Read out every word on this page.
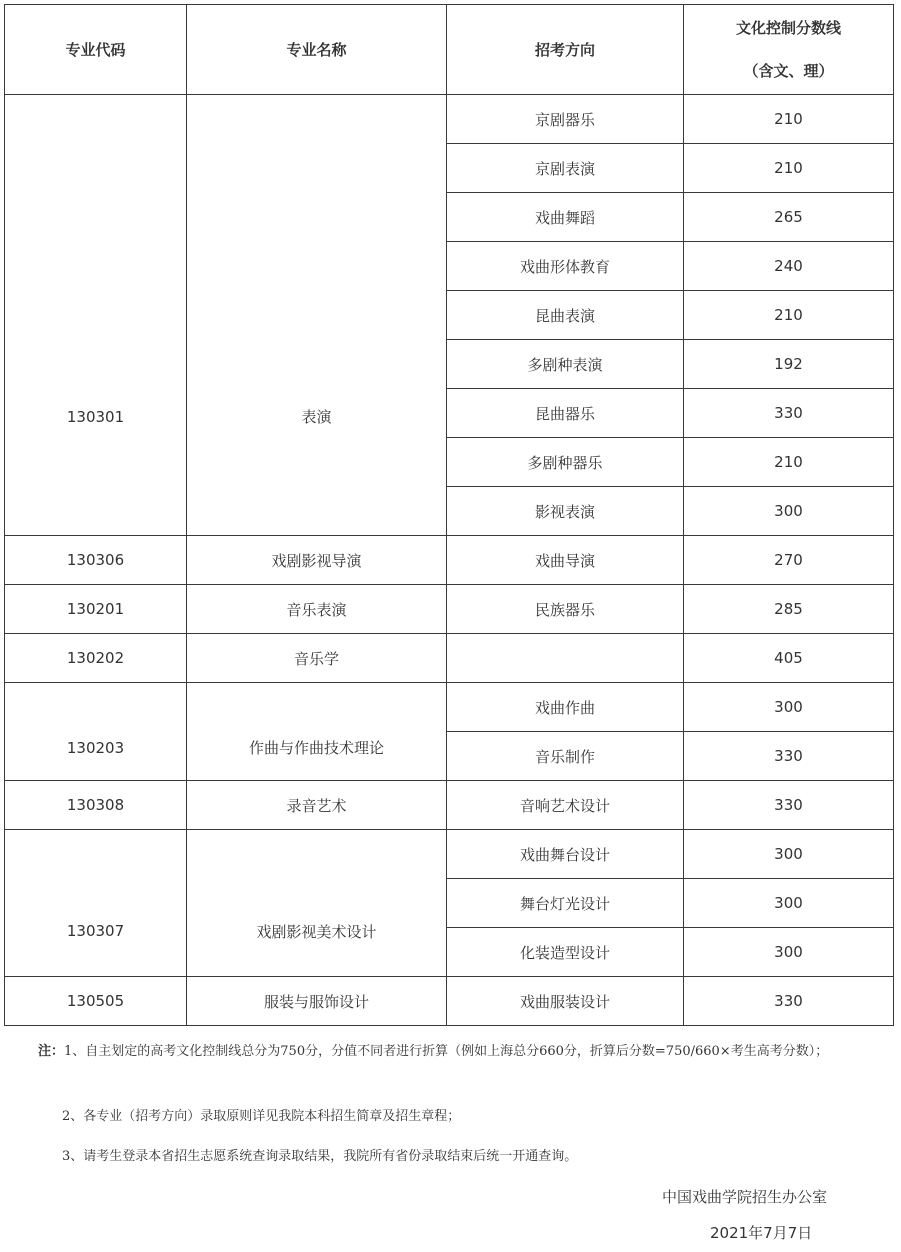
专业代码	专业名称	招考方向	文化控制分数线
（含文、理）

130301	表演	京剧器乐	210
		京剧表演	210
		戏曲舞蹈	265
		戏曲形体教育	240
		昆曲表演	210
		多剧种表演	192
		昆曲器乐	330
		多剧种器乐	210
		影视表演	300
130306	戏剧影视导演	戏曲导演	270
130201	音乐表演	民族器乐	285
130202	音乐学		405
130203	作曲与作曲技术理论	戏曲作曲	300
		音乐制作	330
130308	录音艺术	音响艺术设计	330
130307	戏剧影视美术设计	戏曲舞台设计	300
		舞台灯光设计	300
		化装造型设计	300
130505	服装与服饰设计	戏曲服装设计	330
注：1、自主划定的高考文化控制线总分为750分，分值不同者进行折算（例如上海总分660分，折算后分数=750/660×考生高考分数）；
2、各专业（招考方向）录取原则详见我院本科招生简章及招生章程；
3、请考生登录本省招生志愿系统查询录取结果，我院所有省份录取结束后统一开通查询。
中国戏曲学院招生办公室
2021年7月7日
